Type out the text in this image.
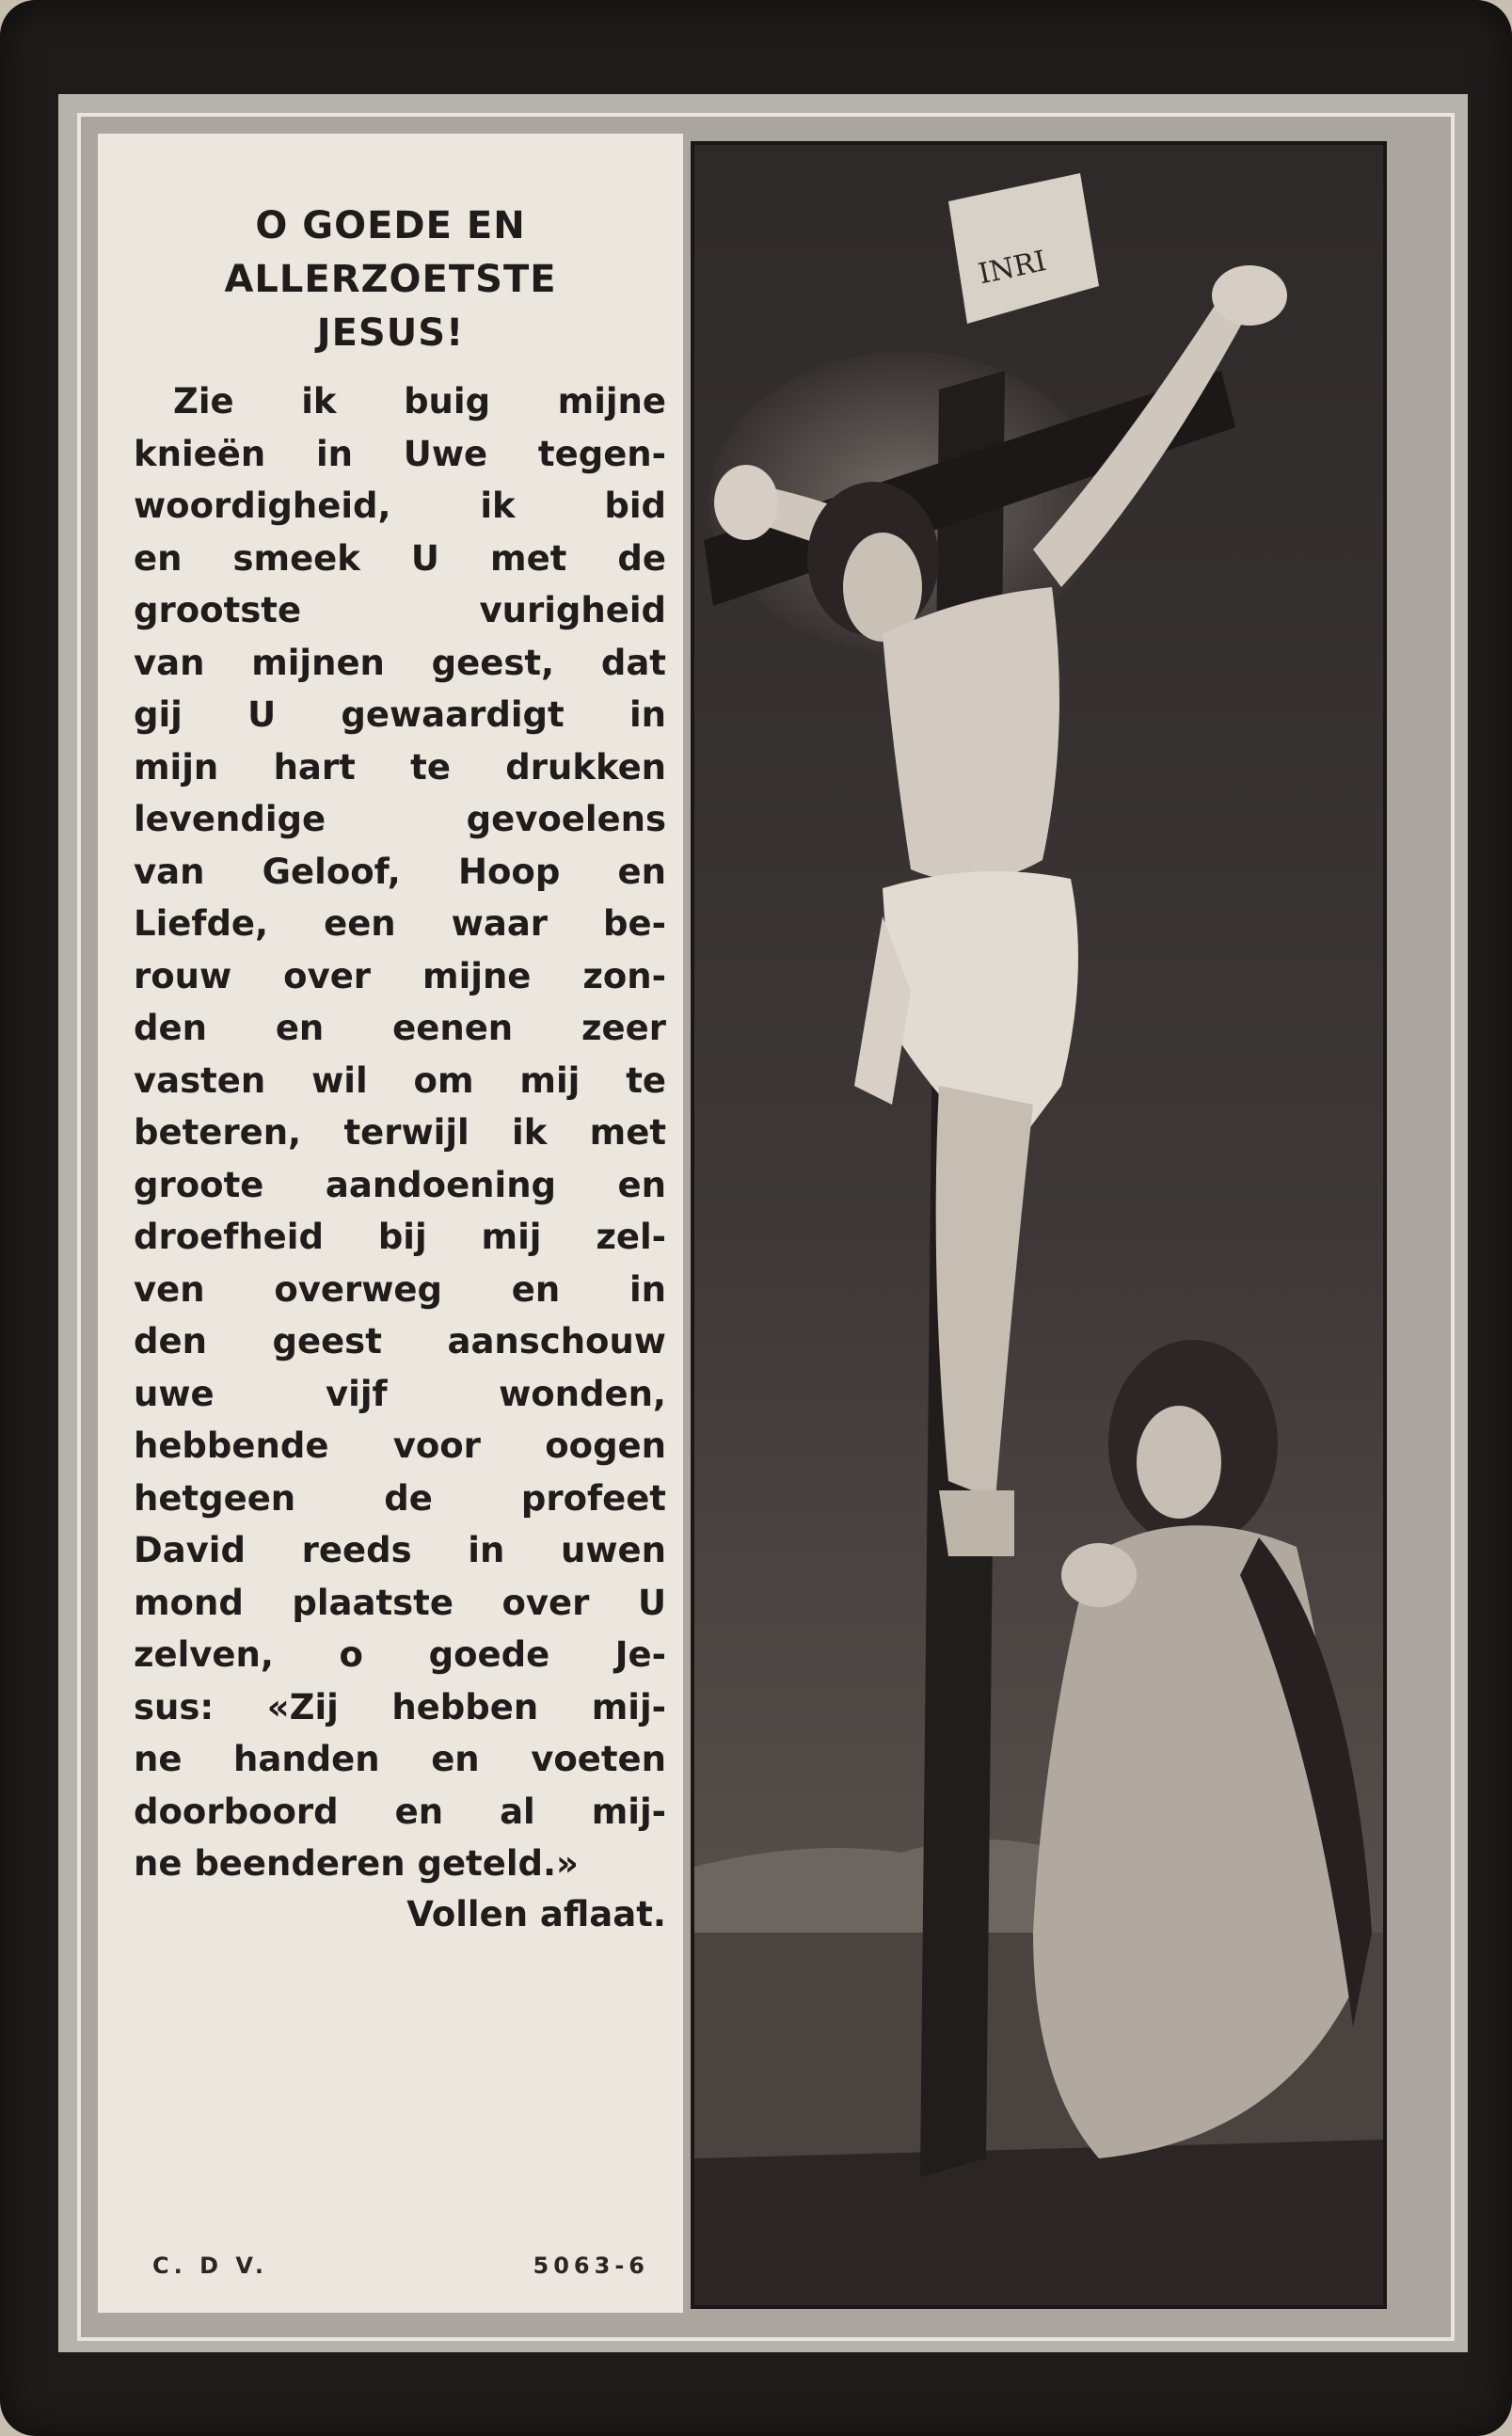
O GOEDE EN
ALLERZOETSTE
JESUS!
Zie ik buig mijne
knieën in Uwe tegen-
woordigheid, ik bid
en smeek U met de
grootste vurigheid
van mijnen geest, dat
gij U gewaardigt in
mijn hart te drukken
levendige gevoelens
van Geloof, Hoop en
Liefde, een waar be-
rouw over mijne zon-
den en eenen zeer
vasten wil om mij te
beteren, terwijl ik met
groote aandoening en
droefheid bij mij zel-
ven overweg en in
den geest aanschouw
uwe vijf wonden,
hebbende voor oogen
hetgeen de profeet
David reeds in uwen
mond plaatste over U
zelven, o goede Je-
sus: «Zij hebben mij-
ne handen en voeten
doorboord en al mij-
ne beenderen geteld.»
Vollen aflaat.
C. D V.	5063-6
INRI
